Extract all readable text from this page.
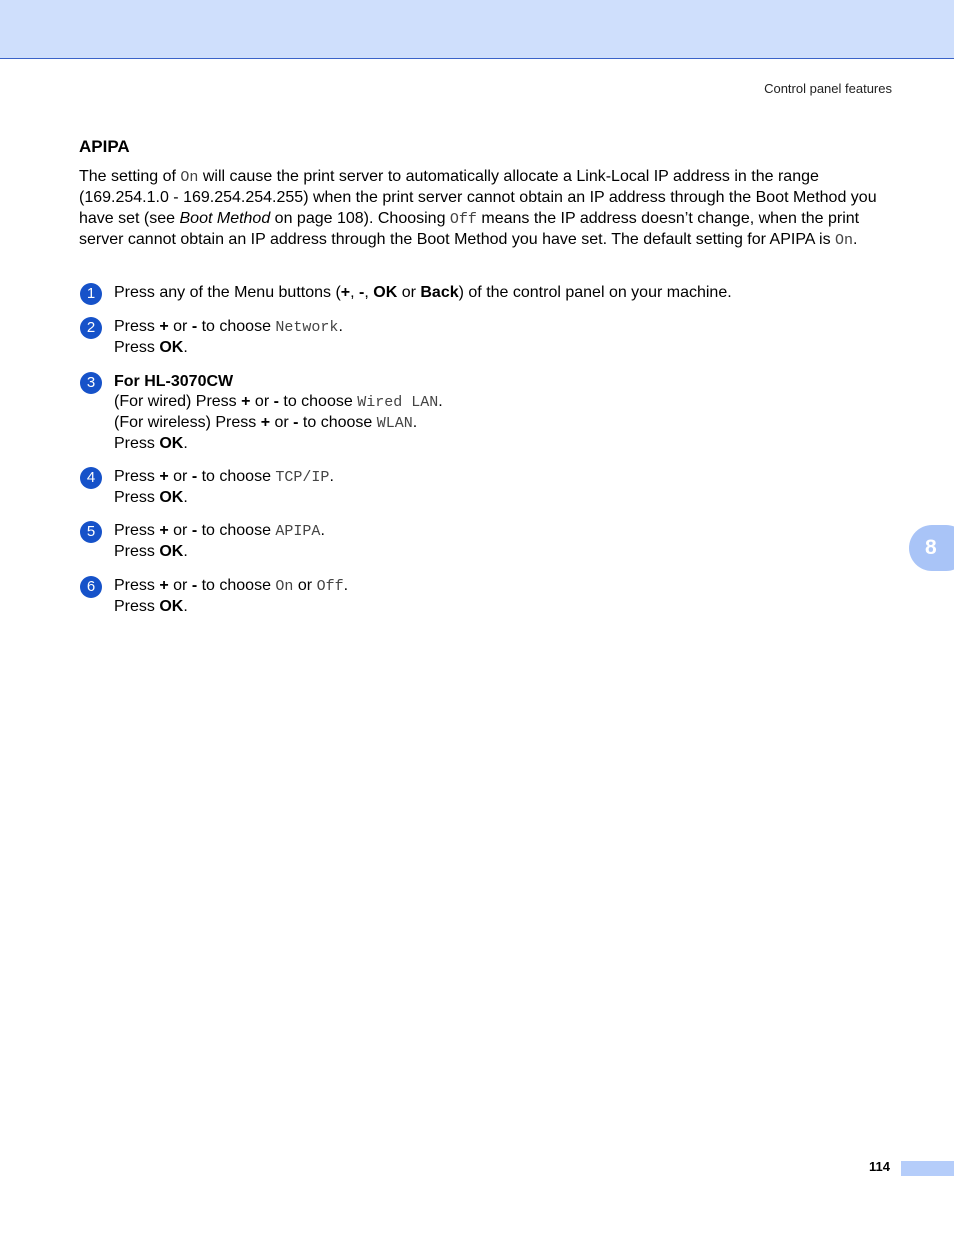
Control panel features
8
APIPA

The setting of On will cause the print server to automatically allocate a Link-Local IP address in the range (169.254.1.0 - 169.254.254.255) when the print server cannot obtain an IP address through the Boot Method you have set (see Boot Method on page 108). Choosing Off means the IP address doesn’t change, when the print server cannot obtain an IP address through the Boot Method you have set. The default setting for APIPA is On.

1	Press any of the Menu buttons (+, -, OK or Back) of the control panel on your machine.
2	Press + or - to choose Network.
Press OK.
3	For HL-3070CW
(For wired) Press + or - to choose Wired LAN.
(For wireless) Press + or - to choose WLAN.
Press OK.
4	Press + or - to choose TCP/IP.
Press OK.
5	Press + or - to choose APIPA.
Press OK.
6	Press + or - to choose On or Off.
Press OK.
114
